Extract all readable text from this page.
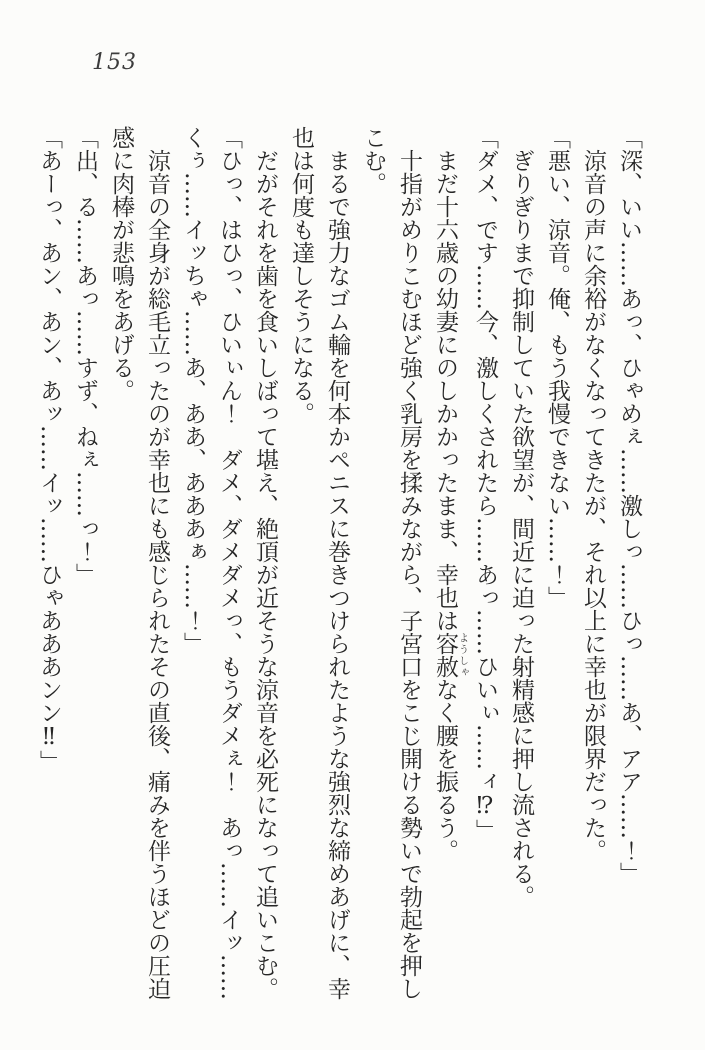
153

「深、いい……あっ、ひゃめぇ……激しっ……ひっ……あ、アア……！」

涼音の声に余裕がなくなってきたが、それ以上に幸也が限界だった。

「悪い、涼音。俺、もう我慢できない……！」

ぎりぎりまで抑制していた欲望が、間近に迫った射精感に押し流される。

「ダメ、です……今、激しくされたら……あっ……ひいぃ……ィ⁉」

まだ十六歳の幼妻にのしかかったまま、幸也は容赦ようしゃなく腰を振るう。

十指がめりこむほど強く乳房を揉みながら、子宮口をこじ開ける勢いで勃起を押しこむ。

まるで強力なゴム輪を何本かペニスに巻きつけられたような強烈な締めあげに、幸也は何度も達しそうになる。

だがそれを歯を食いしばって堪え、絶頂が近そうな涼音を必死になって追いこむ。

「ひっ、はひっ、ひいぃん！　ダメ、ダメダメっ、もうダメぇ！　あっ……イッ……くぅ……イッちゃ……あ、ああ、あああぁ……！」

涼音の全身が総毛立ったのが幸也にも感じられたその直後、痛みを伴うほどの圧迫感に肉棒が悲鳴をあげる。

「出、る……あっ……すず、ねぇ……っ！」

「あーっ、あン、あン、あッ……イッ……ひゃあああンン‼」
